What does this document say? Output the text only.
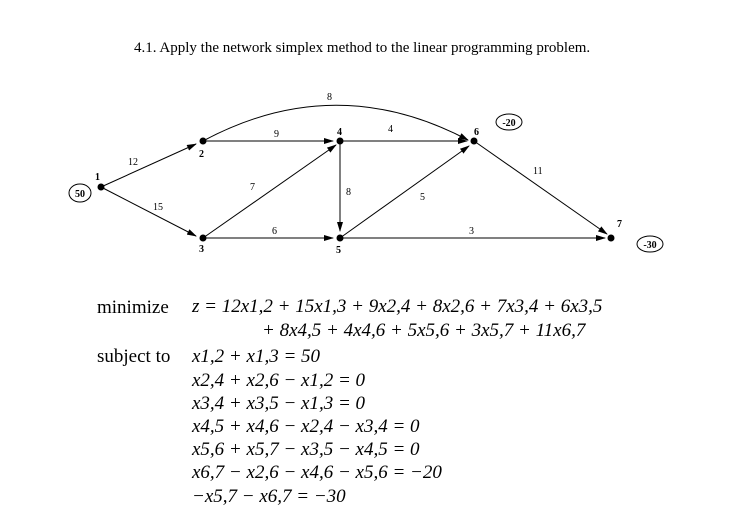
4.1. Apply the network simplex method to the linear programming problem.
12
15
9
8
7
6
8
4
5
3
11
1
2
3
4
5
6
7
50
-20
-30
minimize z = 12x1,2 + 15x1,3 + 9x2,4 + 8x2,6 + 7x3,4 + 6x3,5
+ 8x4,5 + 4x4,6 + 5x5,6 + 3x5,7 + 11x6,7
subject to x1,2 + x1,3 = 50
x2,4 + x2,6 − x1,2 = 0
x3,4 + x3,5 − x1,3 = 0
x4,5 + x4,6 − x2,4 − x3,4 = 0
x5,6 + x5,7 − x3,5 − x4,5 = 0
x6,7 − x2,6 − x4,6 − x5,6 = −20
−x5,7 − x6,7 = −30
